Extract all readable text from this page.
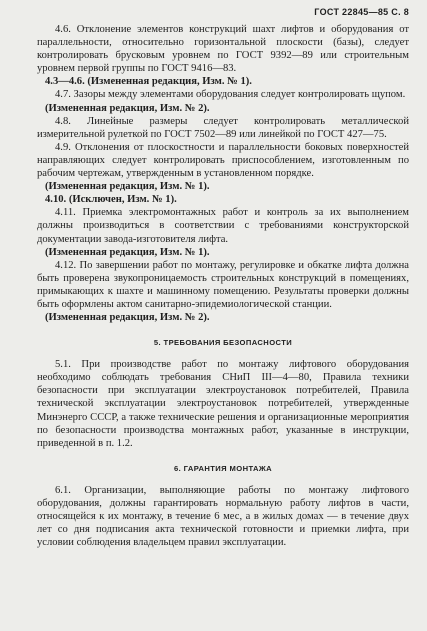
ГОСТ 22845—85 С. 8

4.6. Отклонение элементов конструкций шахт лифтов и оборудования от параллельности, относительно горизонтальной плоскости (базы), следует контролировать брусковым уровнем по ГОСТ 9392—89 или строительным уровнем первой группы по ГОСТ 9416—83.

4.3—4.6. (Измененная редакция, Изм. № 1).

4.7. Зазоры между элементами оборудования следует контролировать щупом.

(Измененная редакция, Изм. № 2).

4.8. Линейные размеры следует контролировать металлической измерительной рулеткой по ГОСТ 7502—89 или линейкой по ГОСТ 427—75.

4.9. Отклонения от плоскостности и параллельности боковых поверхностей направляющих следует контролировать приспособлением, изготовленным по рабочим чертежам, утвержденным в установленном порядке.

(Измененная редакция, Изм. № 1).

4.10. (Исключен, Изм. № 1).

4.11. Приемка электромонтажных работ и контроль за их выполнением должны производиться в соответствии с требованиями конструкторской документации завода-изготовителя лифта.

(Измененная редакция, Изм. № 1).

4.12. По завершении работ по монтажу, регулировке и обкатке лифта должна быть проверена звукопроницаемость строительных конструкций в помещениях, примыкающих к шахте и машинному помещению. Результаты проверки должны быть оформлены актом санитарно-эпидемиологической станции.

(Измененная редакция, Изм. № 2).

5. ТРЕБОВАНИЯ БЕЗОПАСНОСТИ

5.1. При производстве работ по монтажу лифтового оборудования необходимо соблюдать требования СНиП III—4—80, Правила техники безопасности при эксплуатации электроустановок потребителей, Правила технической эксплуатации электроустановок потребителей, утвержденные Минэнерго СССР, а также технические решения и организационные мероприятия по безопасности производства монтажных работ, указанные в инструкции, приведенной в п. 1.2.

6. ГАРАНТИЯ МОНТАЖА

6.1. Организации, выполняющие работы по монтажу лифтового оборудования, должны гарантировать нормальную работу лифтов в части, относящейся к их монтажу, в течение 6 мес, а в жилых домах — в течение двух лет со дня подписания акта технической готовности и приемки лифта, при условии соблюдения владельцем правил эксплуатации.
